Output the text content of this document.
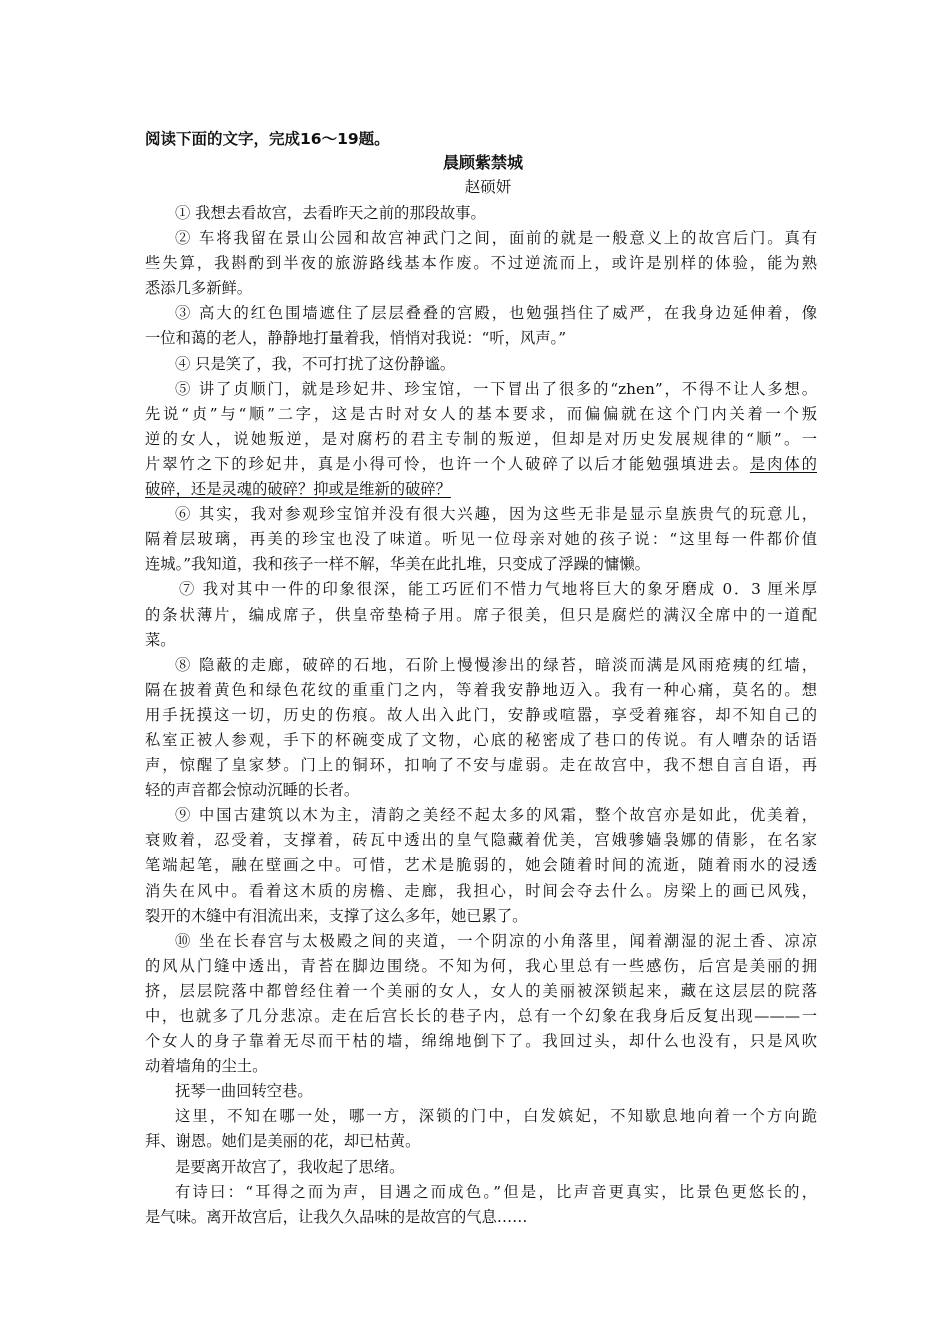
阅读下面的文字，完成16～19题。

晨顾紫禁城

赵硕妍

① 我想去看故宫，去看昨天之前的那段故事。
② 车将我留在景山公园和故宫神武门之间，面前的就是一般意义上的故宫后门。真有
些失算，我斟酌到半夜的旅游路线基本作废。不过逆流而上，或许是别样的体验，能为熟
悉添几多新鲜。
③ 高大的红色围墙遮住了层层叠叠的宫殿，也勉强挡住了威严，在我身边延伸着，像
一位和蔼的老人，静静地打量着我，悄悄对我说：“听，风声。”
④ 只是笑了，我，不可打扰了这份静谧。
⑤ 讲了贞顺门，就是珍妃井、珍宝馆，一下冒出了很多的“zhen”，不得不让人多想。
先说“贞”与“顺”二字，这是古时对女人的基本要求，而偏偏就在这个门内关着一个叛
逆的女人，说她叛逆，是对腐朽的君主专制的叛逆，但却是对历史发展规律的“顺”。一
片翠竹之下的珍妃井，真是小得可怜，也许一个人破碎了以后才能勉强填进去。是肉体的
破碎，还是灵魂的破碎？抑或是维新的破碎？
⑥ 其实，我对参观珍宝馆并没有很大兴趣，因为这些无非是显示皇族贵气的玩意儿，
隔着层玻璃，再美的珍宝也没了味道。听见一位母亲对她的孩子说：“这里每一件都价值
连城。”我知道，我和孩子一样不解，华美在此扎堆，只变成了浮躁的慵懒。
⑦ 我对其中一件的印象很深，能工巧匠们不惜力气地将巨大的象牙磨成 0．3 厘米厚
的条状薄片，编成席子，供皇帝垫椅子用。席子很美，但只是腐烂的满汉全席中的一道配
菜。
⑧ 隐蔽的走廊，破碎的石地，石阶上慢慢渗出的绿苔，暗淡而满是风雨疮痍的红墙，
隔在披着黄色和绿色花纹的重重门之内，等着我安静地迈入。我有一种心痛，莫名的。想
用手抚摸这一切，历史的伤痕。故人出入此门，安静或喧嚣，享受着雍容，却不知自己的
私室正被人参观，手下的杯碗变成了文物，心底的秘密成了巷口的传说。有人嘈杂的话语
声，惊醒了皇家梦。门上的铜环，扣响了不安与虚弱。走在故宫中，我不想自言自语，再
轻的声音都会惊动沉睡的长者。
⑨ 中国古建筑以木为主，清韵之美经不起太多的风霜，整个故宫亦是如此，优美着，
衰败着，忍受着，支撑着，砖瓦中透出的皇气隐藏着优美，宫娥骖嫱袅娜的倩影，在名家
笔端起笔，融在壁画之中。可惜，艺术是脆弱的，她会随着时间的流逝，随着雨水的浸透
消失在风中。看着这木质的房檐、走廊，我担心，时间会夺去什么。房梁上的画已风残，
裂开的木缝中有泪流出来，支撑了这么多年，她已累了。
⑩ 坐在长春宫与太极殿之间的夹道，一个阴凉的小角落里，闻着潮湿的泥土香、凉凉
的风从门缝中透出，青苔在脚边围绕。不知为何，我心里总有一些感伤，后宫是美丽的拥
挤，层层院落中都曾经住着一个美丽的女人，女人的美丽被深锁起来，藏在这层层的院落
中，也就多了几分悲凉。走在后宫长长的巷子内，总有一个幻象在我身后反复出现———一
个女人的身子靠着无尽而干枯的墙，绵绵地倒下了。我回过头，却什么也没有，只是风吹
动着墙角的尘土。
抚琴一曲回转空巷。
这里，不知在哪一处，哪一方，深锁的门中，白发嫔妃，不知歇息地向着一个方向跪
拜、谢恩。她们是美丽的花，却已枯黄。
是要离开故宫了，我收起了思绪。
有诗曰：“耳得之而为声，目遇之而成色。”但是，比声音更真实，比景色更悠长的，
是气味。离开故宫后，让我久久品味的是故宫的气息……
